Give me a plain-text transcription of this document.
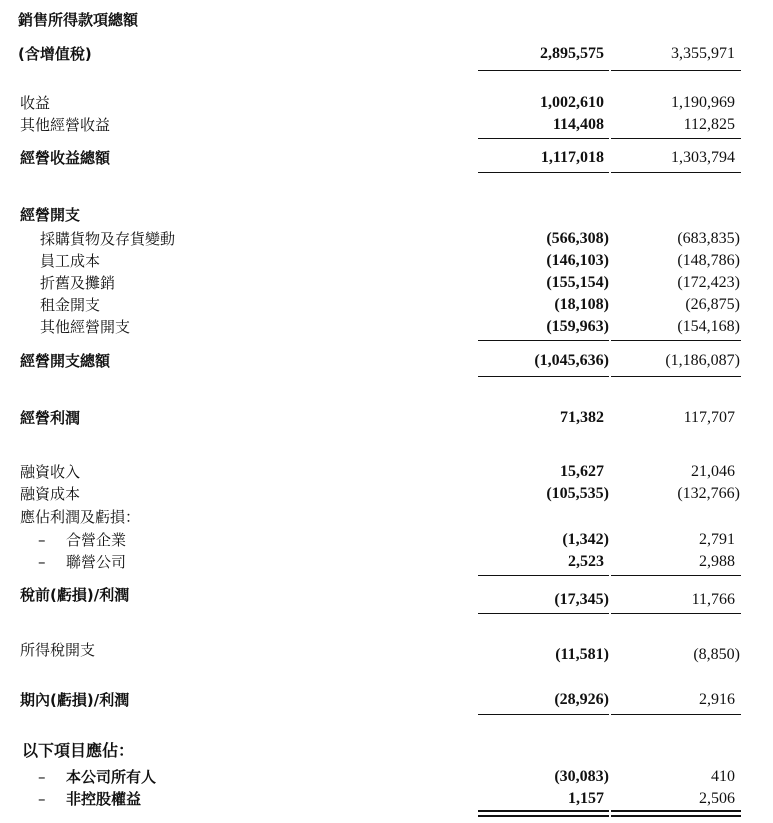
銷售所得款項總額
(含增值稅)	2,895,575	3,355,971
收益	1,002,610	1,190,969
其他經營收益	114,408	112,825
經營收益總額	1,117,018	1,303,794
經營開支
採購貨物及存貨變動	(566,308)	(683,835)
員工成本	(146,103)	(148,786)
折舊及攤銷	(155,154)	(172,423)
租金開支	(18,108)	(26,875)
其他經營開支	(159,963)	(154,168)
經營開支總額	(1,045,636)	(1,186,087)
經營利潤	71,382	117,707
融資收入	15,627	21,046
融資成本	(105,535)	(132,766)
應佔利潤及虧損：
– 合營企業	(1,342)	2,791
– 聯營公司	2,523	2,988
稅前(虧損)/利潤	(17,345)	11,766
所得稅開支	(11,581)	(8,850)
期內(虧損)/利潤	(28,926)	2,916
以下項目應佔：
– 本公司所有人	(30,083)	410
– 非控股權益	1,157	2,506
